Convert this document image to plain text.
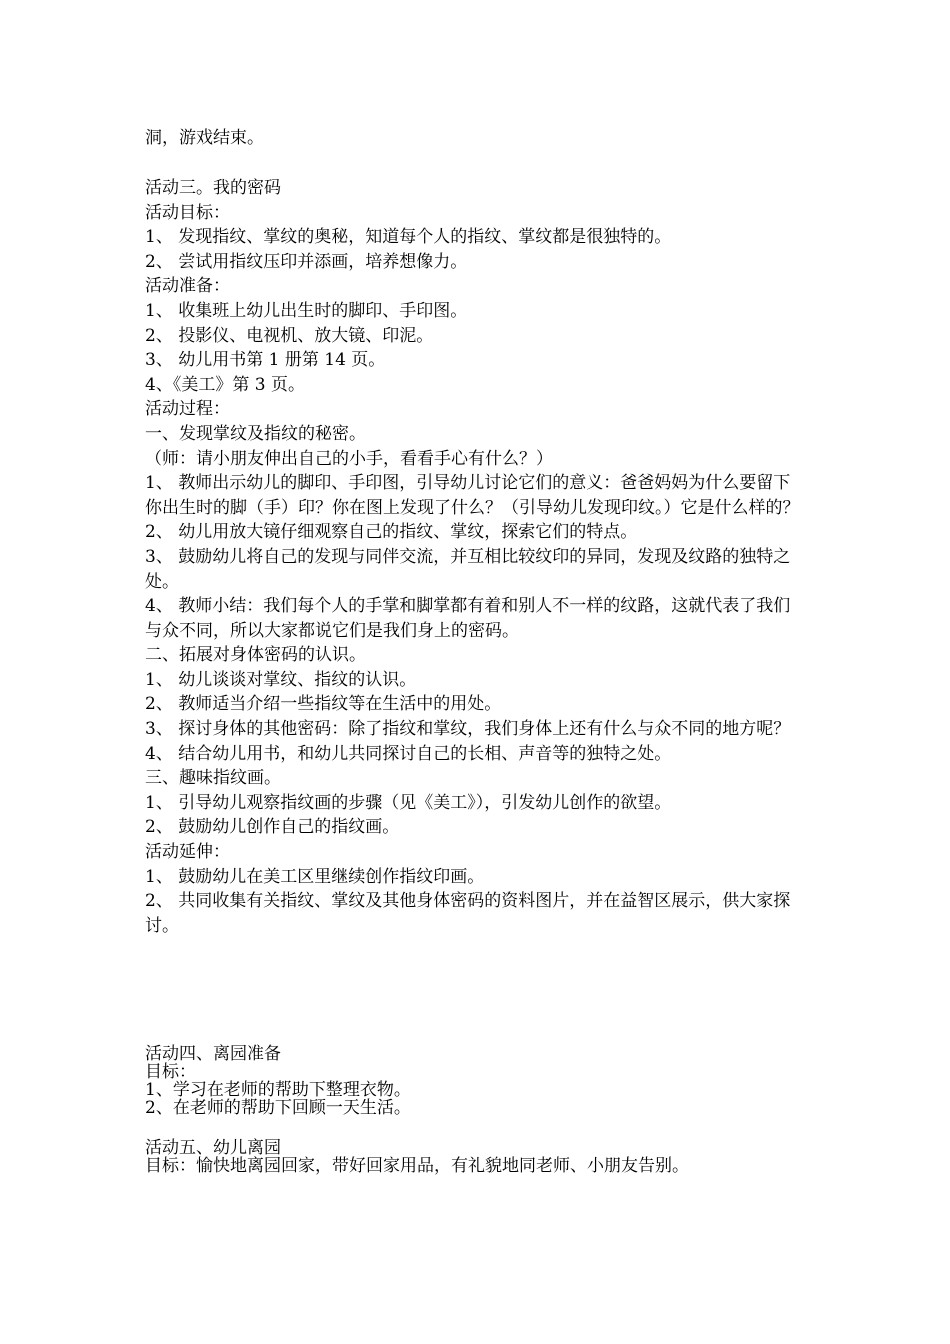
洞，游戏结束。
活动三。我的密码
活动目标：
1、 发现指纹、掌纹的奥秘，知道每个人的指纹、掌纹都是很独特的。
2、 尝试用指纹压印并添画，培养想像力。
活动准备：
1、 收集班上幼儿出生时的脚印、手印图。
2、 投影仪、电视机、放大镜、印泥。
3、 幼儿用书第 1 册第 14 页。
4、《美工》第 3 页。
活动过程：
一、发现掌纹及指纹的秘密。
（师：请小朋友伸出自己的小手，看看手心有什么？）
1、 教师出示幼儿的脚印、手印图，引导幼儿讨论它们的意义：爸爸妈妈为什么要留下你出生时的脚（手）印？你在图上发现了什么？（引导幼儿发现印纹。）它是什么样的？
2、 幼儿用放大镜仔细观察自己的指纹、掌纹，探索它们的特点。
3、 鼓励幼儿将自己的发现与同伴交流，并互相比较纹印的异同，发现及纹路的独特之处。
4、 教师小结：我们每个人的手掌和脚掌都有着和别人不一样的纹路，这就代表了我们与众不同，所以大家都说它们是我们身上的密码。
二、拓展对身体密码的认识。
1、 幼儿谈谈对掌纹、指纹的认识。
2、 教师适当介绍一些指纹等在生活中的用处。
3、 探讨身体的其他密码：除了指纹和掌纹，我们身体上还有什么与众不同的地方呢？
4、 结合幼儿用书，和幼儿共同探讨自己的长相、声音等的独特之处。
三、趣味指纹画。
1、 引导幼儿观察指纹画的步骤（见《美工》），引发幼儿创作的欲望。
2、 鼓励幼儿创作自己的指纹画。
活动延伸：
1、 鼓励幼儿在美工区里继续创作指纹印画。
2、 共同收集有关指纹、掌纹及其他身体密码的资料图片，并在益智区展示，供大家探讨。
活动四、离园准备
目标：
1、学习在老师的帮助下整理衣物。
2、在老师的帮助下回顾一天生活。
活动五、幼儿离园
目标：愉快地离园回家，带好回家用品，有礼貌地同老师、小朋友告别。
